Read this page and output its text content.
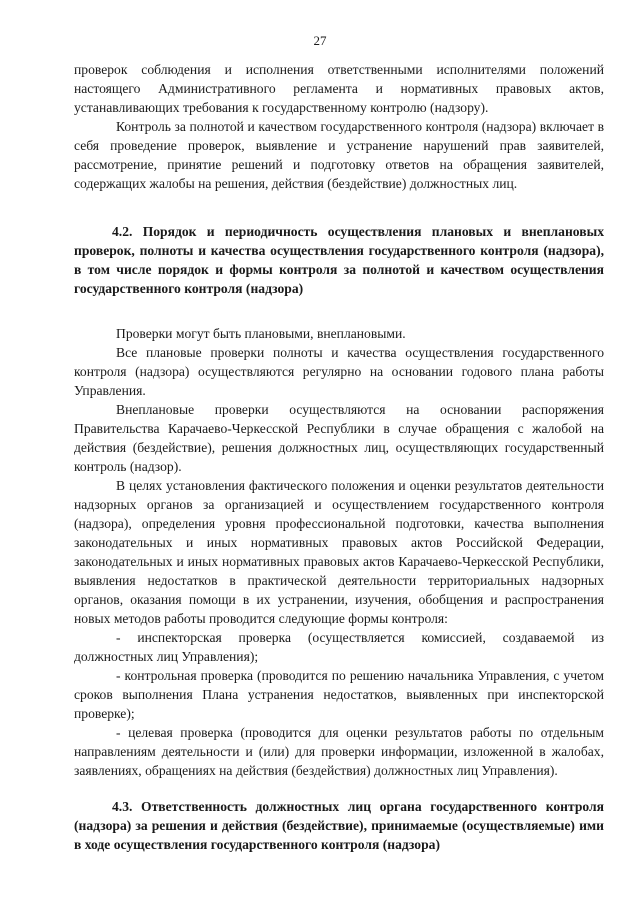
27

проверок соблюдения и исполнения ответственными исполнителями положений настоящего Административного регламента и нормативных правовых актов, устанавливающих требования к государственному контролю (надзору).

Контроль за полнотой и качеством государственного контроля (надзора) включает в себя проведение проверок, выявление и устранение нарушений прав заявителей, рассмотрение, принятие решений и подготовку ответов на обращения заявителей, содержащих жалобы на решения, действия (бездействие) должностных лиц.

4.2. Порядок и периодичность осуществления плановых и внеплановых проверок, полноты и качества осуществления государственного контроля (надзора), в том числе порядок и формы контроля за полнотой и качеством осуществления государственного контроля (надзора)

Проверки могут быть плановыми, внеплановыми.

Все плановые проверки полноты и качества осуществления государственного контроля (надзора) осуществляются регулярно на основании годового плана работы Управления.

Внеплановые проверки осуществляются на основании распоряжения Правительства Карачаево-Черкесской Республики в случае обращения с жалобой на действия (бездействие), решения должностных лиц, осуществляющих государственный контроль (надзор).

В целях установления фактического положения и оценки результатов деятельности надзорных органов за организацией и осуществлением государственного контроля (надзора), определения уровня профессиональной подготовки, качества выполнения законодательных и иных нормативных правовых актов Российской Федерации, законодательных и иных нормативных правовых актов Карачаево-Черкесской Республики, выявления недостатков в практической деятельности территориальных надзорных органов, оказания помощи в их устранении, изучения, обобщения и распространения новых методов работы проводится следующие формы контроля:

- инспекторская проверка (осуществляется комиссией, создаваемой из должностных лиц Управления);

- контрольная проверка (проводится по решению начальника Управления, с учетом сроков выполнения Плана устранения недостатков, выявленных при инспекторской проверке);

- целевая проверка (проводится для оценки результатов работы по отдельным направлениям деятельности и (или) для проверки информации, изложенной в жалобах, заявлениях, обращениях на действия (бездействия) должностных лиц Управления).

4.3. Ответственность должностных лиц органа государственного контроля (надзора) за решения и действия (бездействие), принимаемые (осуществляемые) ими в ходе осуществления государственного контроля (надзора)
